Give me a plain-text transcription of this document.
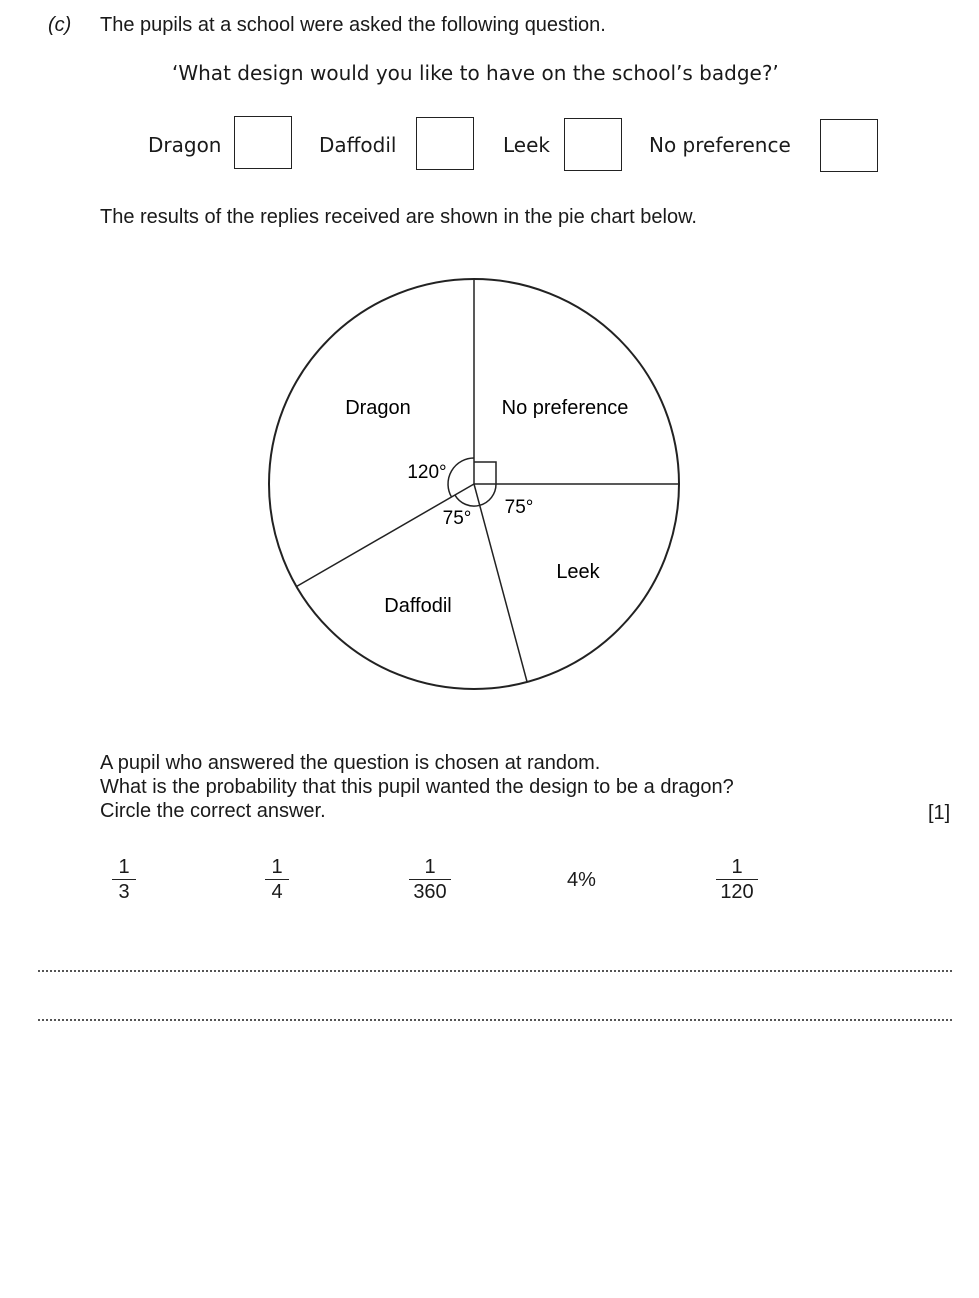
(c) The pupils at a school were asked the following question.
‘What design would you like to have on the school’s badge?’
Dragon	Daffodil	Leek	No preference
The results of the replies received are shown in the pie chart below.
Dragon	No preference
Leek
Daffodil
120°
75°
75°
A pupil who answered the question is chosen at random.
What is the probability that this pupil wanted the design to be a dragon?
Circle the correct answer.	[1]
1
3
1
4
1
360
4%
1
120
